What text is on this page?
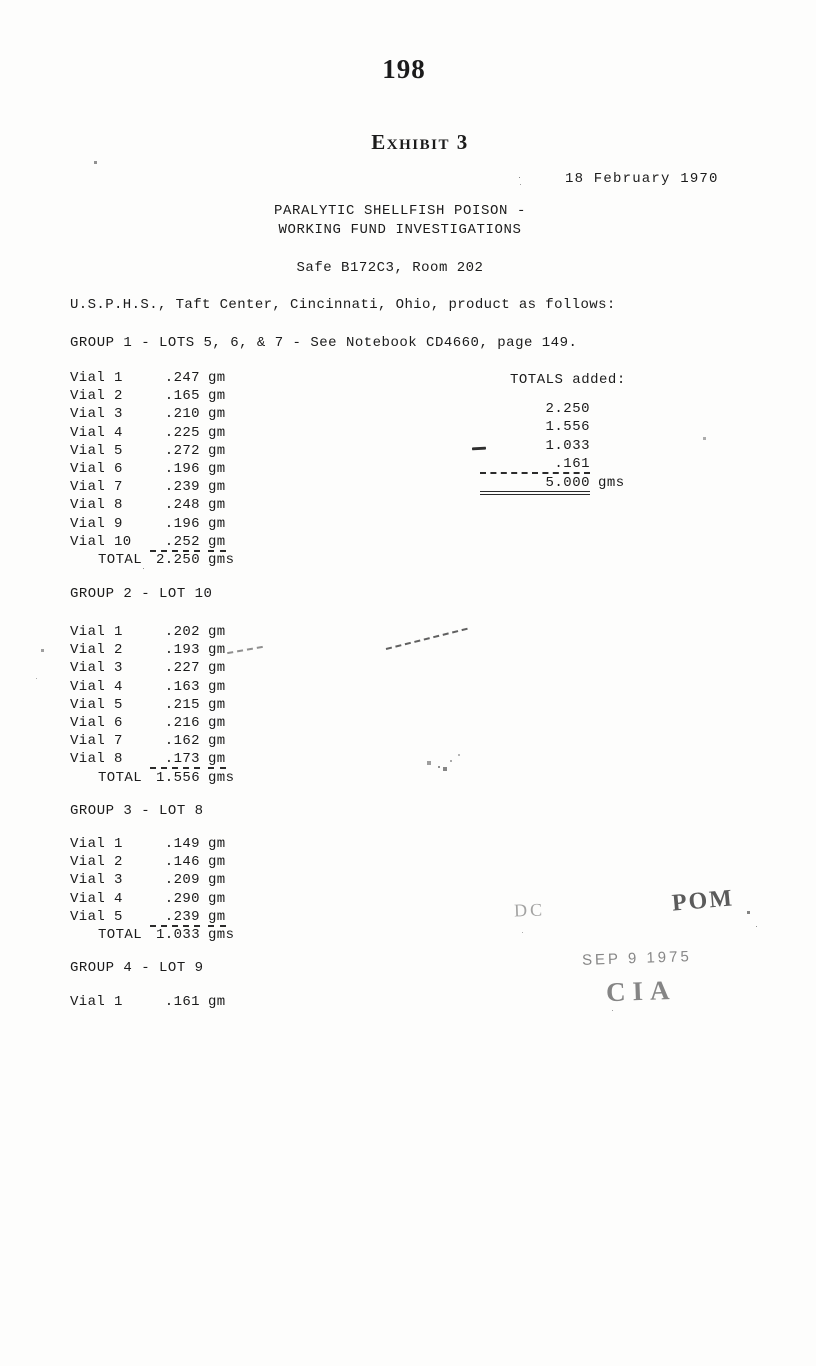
198
Exhibit 3
18 February 1970
PARALYTIC SHELLFISH POISON -
WORKING FUND INVESTIGATIONS
Safe B172C3, Room 202
U.S.P.H.S., Taft Center, Cincinnati, Ohio, product as follows:
GROUP 1 - LOTS 5, 6, & 7 - See Notebook CD4660, page 149.
Vial 1	.247 gm
Vial 2	.165 gm
Vial 3	.210 gm
Vial 4	.225 gm
Vial 5	.272 gm
Vial 6	.196 gm
Vial 7	.239 gm
Vial 8	.248 gm
Vial 9	.196 gm
Vial 10	.252 gm
TOTAL 2.250 gms
TOTALS added:
2.250
1.556
1.033
.161
5.000 gms
GROUP 2 - LOT 10
Vial 1	.202 gm
Vial 2	.193 gm
Vial 3	.227 gm
Vial 4	.163 gm
Vial 5	.215 gm
Vial 6	.216 gm
Vial 7	.162 gm
Vial 8	.173 gm
TOTAL 1.556 gms
GROUP 3 - LOT 8
Vial 1	.149 gm
Vial 2	.146 gm
Vial 3	.209 gm
Vial 4	.290 gm
Vial 5	.239 gm
TOTAL 1.033 gms
GROUP 4 - LOT 9
Vial 1	.161 gm
DC	POM
SEP 9 1975
CIA
